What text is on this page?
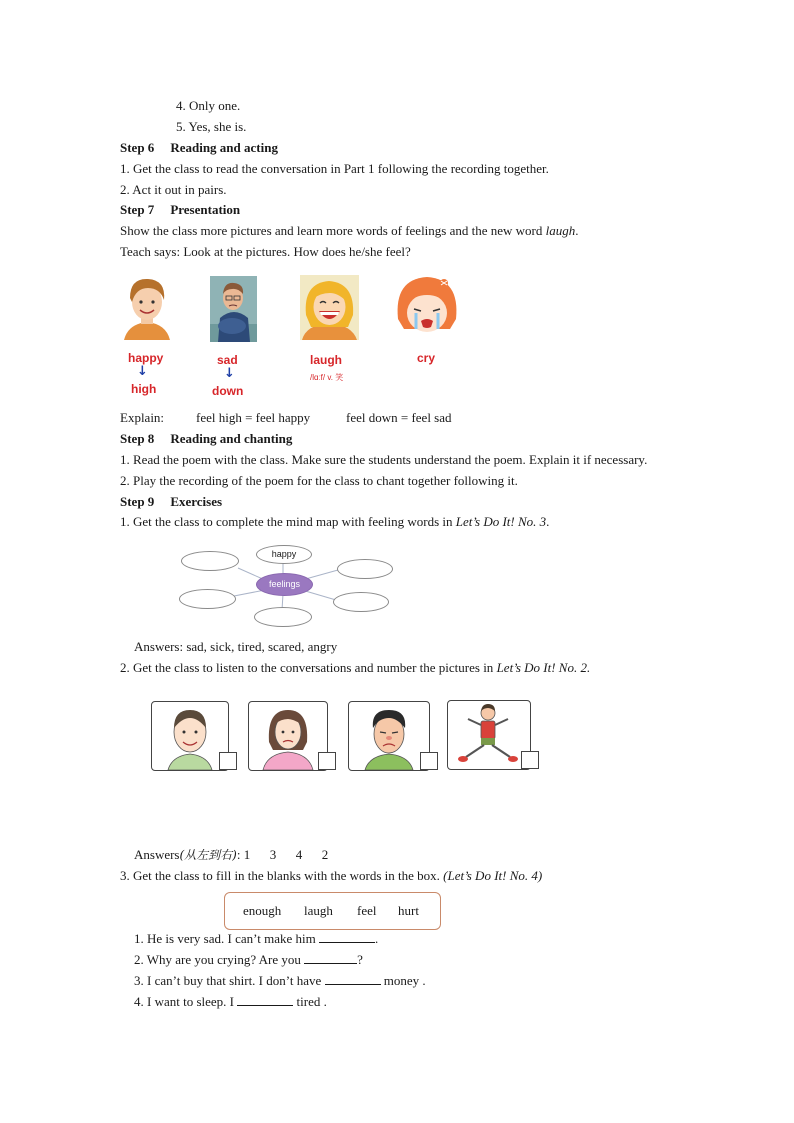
4. Only one.
5. Yes, she is.
Step 6 Reading and acting
1. Get the class to read the conversation in Part 1 following the recording together.
2. Act it out in pairs.
Step 7 Presentation
Show the class more pictures and learn more words of feelings and the new word laugh.
Teach says: Look at the pictures. How does he/she feel?
happy
↓
high
sad
↓
down
laugh
/lɑːf/ v. 笑
cry
Explain: feel high = feel happy	feel down = feel sad
Step 8 Reading and chanting
1. Read the poem with the class. Make sure the students understand the poem. Explain it if necessary.
2. Play the recording of the poem for the class to chant together following it.
Step 9 Exercises
1. Get the class to complete the mind map with feeling words in Let’s Do It! No. 3.
happy
feelings
Answers: sad, sick, tired, scared, angry
2. Get the class to listen to the conversations and number the pictures in Let’s Do It! No. 2.
Answers(从左到右): 1      3      4      2
3. Get the class to fill in the blanks with the words in the box. (Let’s Do It! No. 4)
enough laugh feel hurt
1. He is very sad. I can’t make him	.
2. Why are you crying? Are you	?
3. I can’t buy that shirt. I don’t have	money .
4. I want to sleep. I	tired .
